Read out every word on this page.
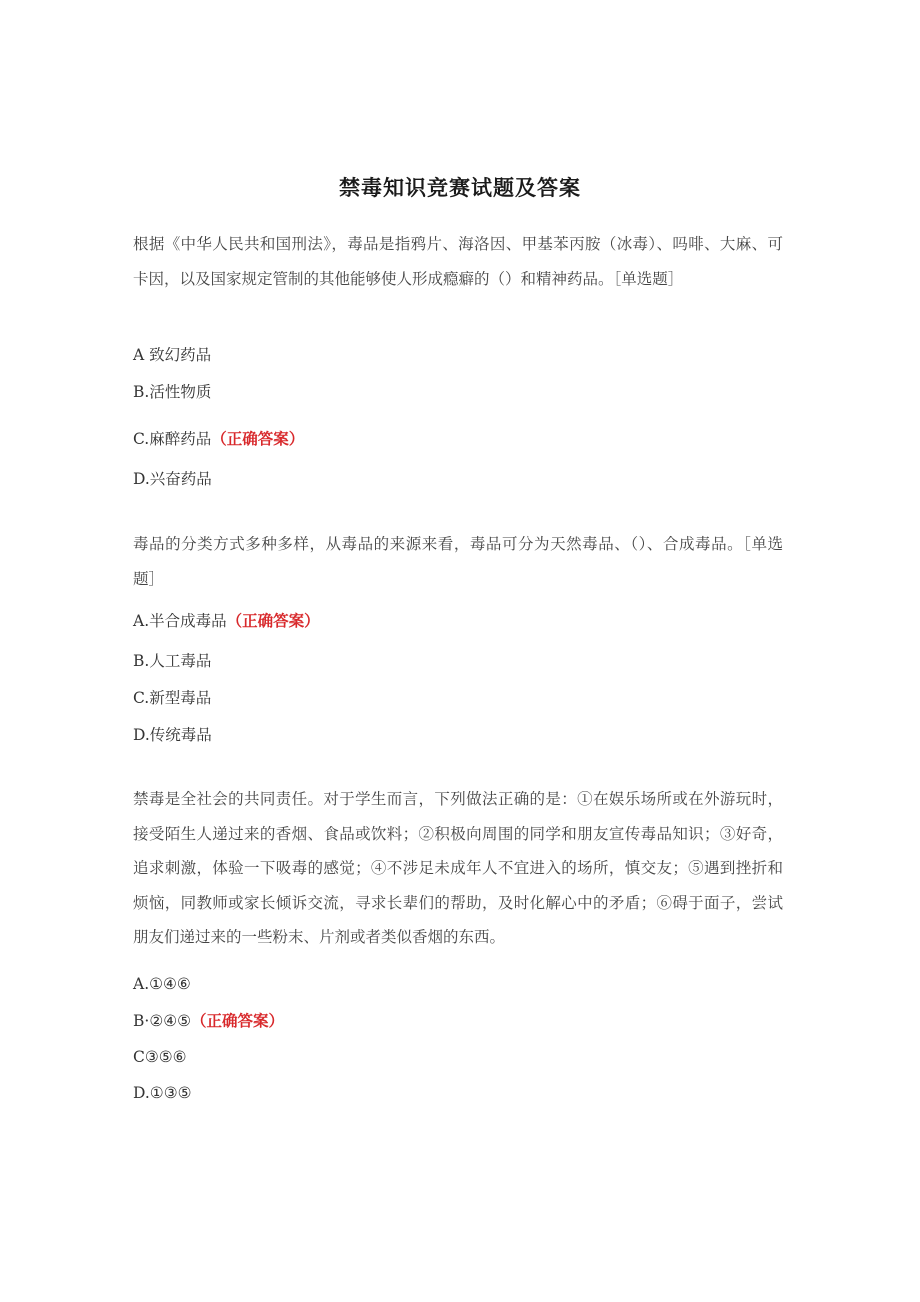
禁毒知识竞赛试题及答案
根据《中华人民共和国刑法》，毒品是指鸦片、海洛因、甲基苯丙胺（冰毒）、吗啡、大麻、可卡因，以及国家规定管制的其他能够使人形成瘾癖的（）和精神药品。［单选题］
A 致幻药品
B.活性物质
C.麻醉药品（正确答案）
D.兴奋药品
毒品的分类方式多种多样，从毒品的来源来看，毒品可分为天然毒品、（）、合成毒品。［单选题］
A.半合成毒品（正确答案）
B.人工毒品
C.新型毒品
D.传统毒品
禁毒是全社会的共同责任。对于学生而言，下列做法正确的是：①在娱乐场所或在外游玩时，接受陌生人递过来的香烟、食品或饮料；②积极向周围的同学和朋友宣传毒品知识；③好奇，追求刺激，体验一下吸毒的感觉；④不涉足未成年人不宜进入的场所，慎交友；⑤遇到挫折和烦恼，同教师或家长倾诉交流，寻求长辈们的帮助，及时化解心中的矛盾；⑥碍于面子，尝试朋友们递过来的一些粉末、片剂或者类似香烟的东西。
A.①④⑥
B·②④⑤（正确答案）
C③⑤⑥
D.①③⑤
